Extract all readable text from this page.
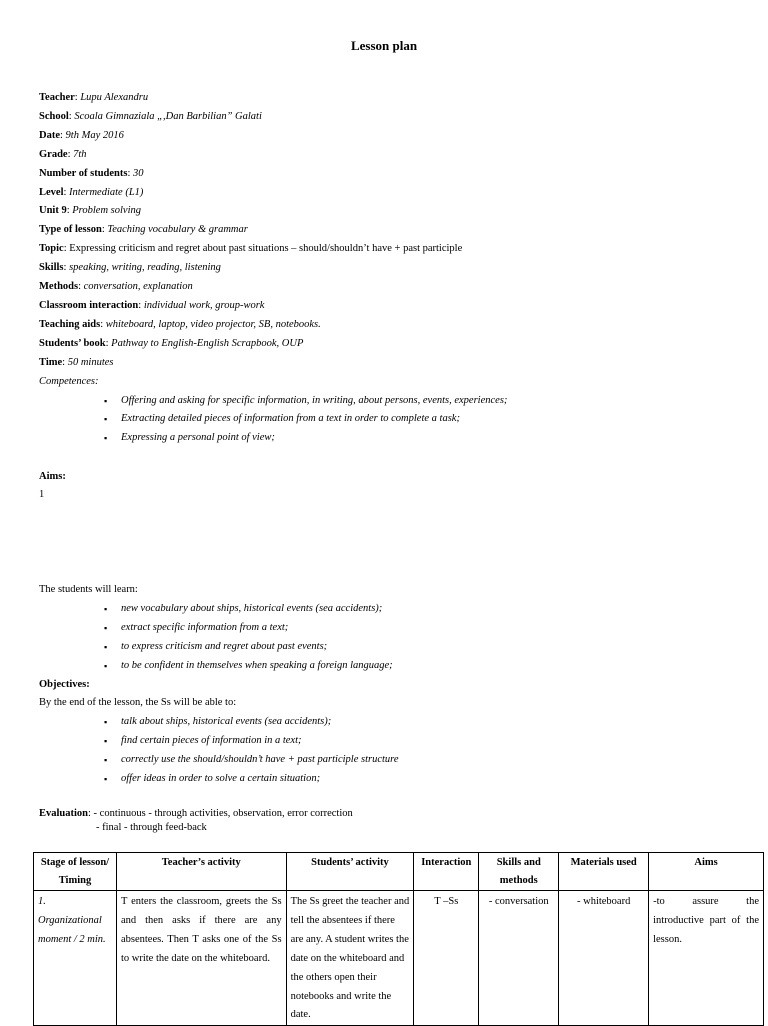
Lesson plan
Teacher: Lupu Alexandru
School: Scoala Gimnaziala „,Dan Barbilian” Galati
Date: 9th May 2016
Grade: 7th
Number of students: 30
Level: Intermediate (L1)
Unit 9: Problem solving
Type of lesson: Teaching vocabulary & grammar
Topic: Expressing criticism and regret about past situations – should/shouldn’t have + past participle
Skills: speaking, writing, reading, listening
Methods: conversation, explanation
Classroom interaction: individual work, group-work
Teaching aids: whiteboard, laptop, video projector, SB, notebooks.
Students’ book: Pathway to English-English Scrapbook, OUP
Time: 50 minutes
Competences:
▪ Offering and asking for specific information, in writing, about persons, events, experiences;
▪ Extracting detailed pieces of information from a text in order to complete a task;
▪ Expressing a personal point of view;
Aims:
1
The students will learn:
▪ new vocabulary about ships, historical events (sea accidents);
▪ extract specific information from a text;
▪ to express criticism and regret about past events;
▪ to be confident in themselves when speaking a foreign language;
Objectives:
By the end of the lesson, the Ss will be able to:
▪ talk about ships, historical events (sea accidents);
▪ find certain pieces of information in a text;
▪ correctly use the should/shouldn’t have + past participle structure
▪ offer ideas in order to solve a certain situation;
Evaluation: - continuous - through activities, observation, error correction
- final - through feed-back
Stage of lesson/ Timing	Teacher’s activity	Students’ activity	Interaction	Skills and methods	Materials used	Aims
1. Organizational moment / 2 min.	T enters the classroom, greets the Ss and then asks if there are any absentees. Then T asks one of the Ss to write the date on the whiteboard.	The Ss greet the teacher and tell the absentees if there are any. A student writes the date on the whiteboard and the others open their notebooks and write the date.	T –Ss	- conversation	- whiteboard	-to assure the introductive part of the lesson.
